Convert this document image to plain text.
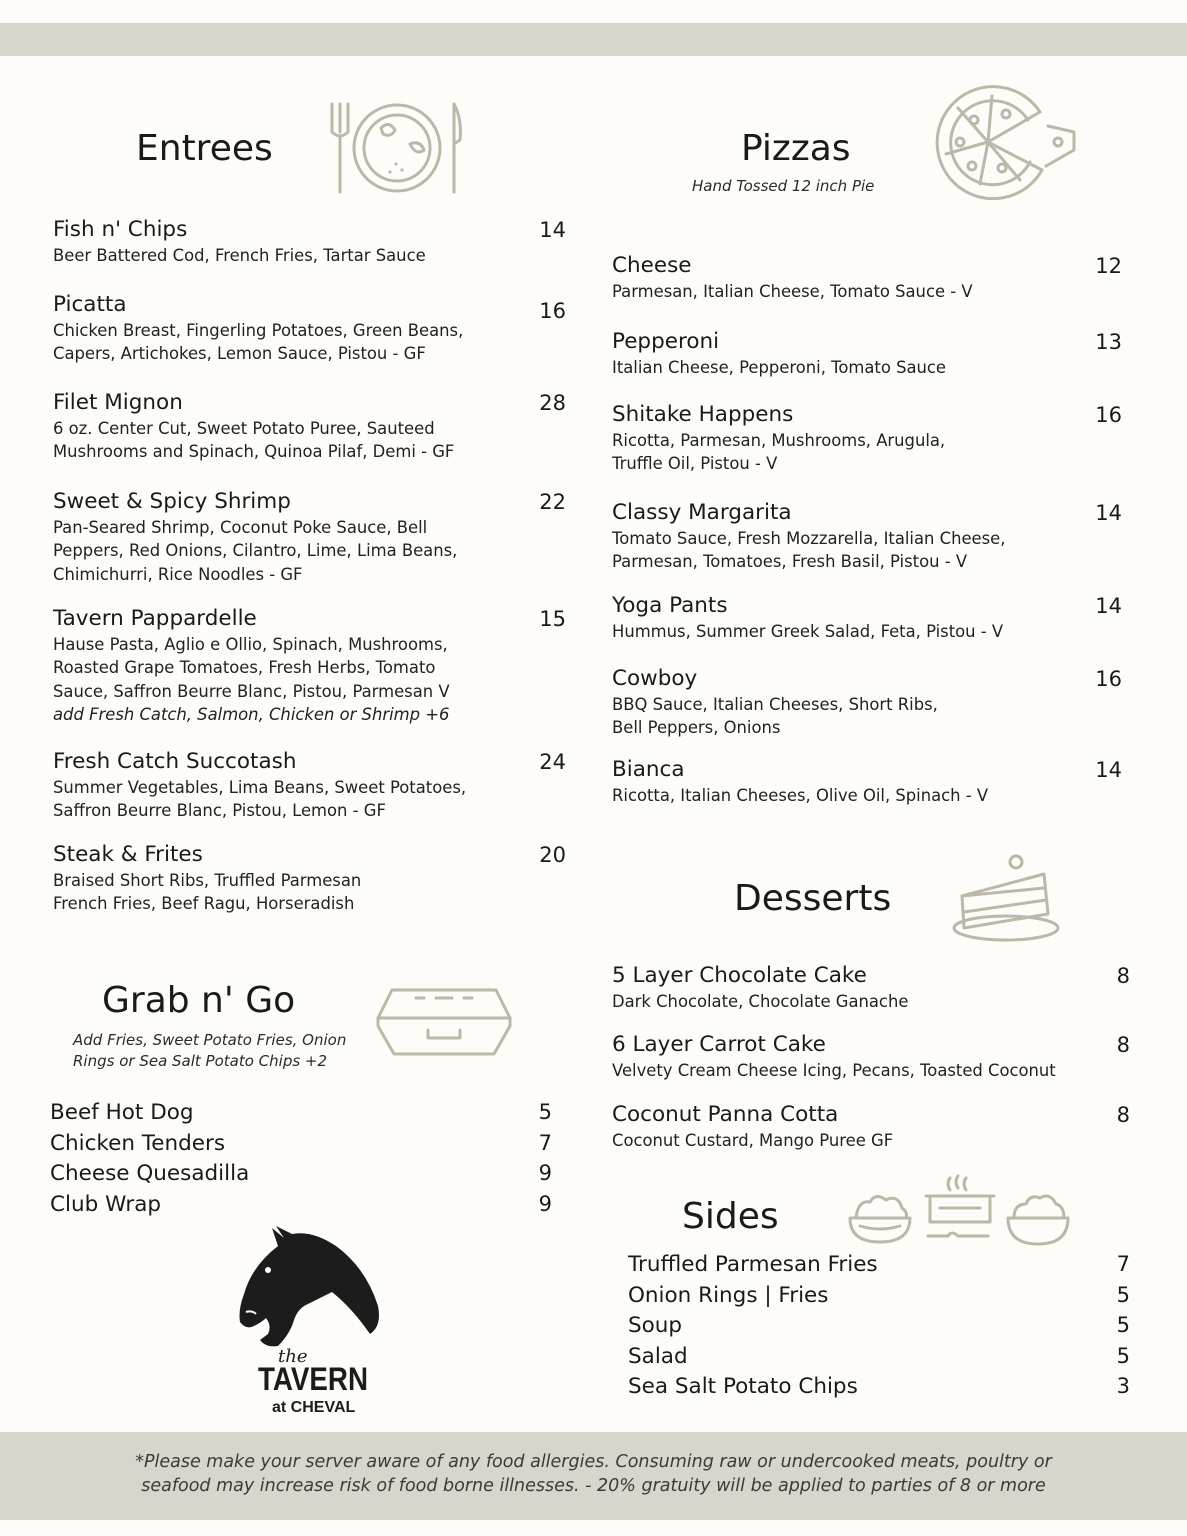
Entrees
Fish n' Chips
Beer Battered Cod, French Fries, Tartar Sauce
14
Picatta
Chicken Breast, Fingerling Potatoes, Green Beans,
Capers, Artichokes, Lemon Sauce, Pistou - GF
16
Filet Mignon
6 oz. Center Cut, Sweet Potato Puree, Sauteed
Mushrooms and Spinach, Quinoa Pilaf, Demi - GF
28
Sweet & Spicy Shrimp
Pan-Seared Shrimp, Coconut Poke Sauce, Bell
Peppers, Red Onions, Cilantro, Lime, Lima Beans,
Chimichurri, Rice Noodles - GF
22
Tavern Pappardelle
Hause Pasta, Aglio e Ollio, Spinach, Mushrooms,
Roasted Grape Tomatoes, Fresh Herbs, Tomato
Sauce, Saffron Beurre Blanc, Pistou, Parmesan V
add Fresh Catch, Salmon, Chicken or Shrimp +6
15
Fresh Catch Succotash
Summer Vegetables, Lima Beans, Sweet Potatoes,
Saffron Beurre Blanc, Pistou, Lemon - GF
24
Steak & Frites
Braised Short Ribs, Truffled Parmesan
French Fries, Beef Ragu, Horseradish
20
Grab n' Go
Add Fries, Sweet Potato Fries, Onion
Rings or Sea Salt Potato Chips +2
Beef Hot Dog	5
Chicken Tenders	7
Cheese Quesadilla	9
Club Wrap	9
the
TAVERN
at CHEVAL
Pizzas
Hand Tossed 12 inch Pie
Cheese
Parmesan, Italian Cheese, Tomato Sauce - V
12
Pepperoni
Italian Cheese, Pepperoni, Tomato Sauce
13
Shitake Happens
Ricotta, Parmesan, Mushrooms, Arugula,
Truffle Oil, Pistou - V
16
Classy Margarita
Tomato Sauce, Fresh Mozzarella, Italian Cheese,
Parmesan, Tomatoes, Fresh Basil, Pistou - V
14
Yoga Pants
Hummus, Summer Greek Salad, Feta, Pistou - V
14
Cowboy
BBQ Sauce, Italian Cheeses, Short Ribs,
Bell Peppers, Onions
16
Bianca
Ricotta, Italian Cheeses, Olive Oil, Spinach - V
14
Desserts
5 Layer Chocolate Cake
Dark Chocolate, Chocolate Ganache
8
6 Layer Carrot Cake
Velvety Cream Cheese Icing, Pecans, Toasted Coconut
8
Coconut Panna Cotta
Coconut Custard, Mango Puree GF
8
Sides
Truffled Parmesan Fries	7
Onion Rings | Fries	5
Soup	5
Salad	5
Sea Salt Potato Chips	3
*Please make your server aware of any food allergies. Consuming raw or undercooked meats, poultry or
seafood may increase risk of food borne illnesses. - 20% gratuity will be applied to parties of 8 or more
